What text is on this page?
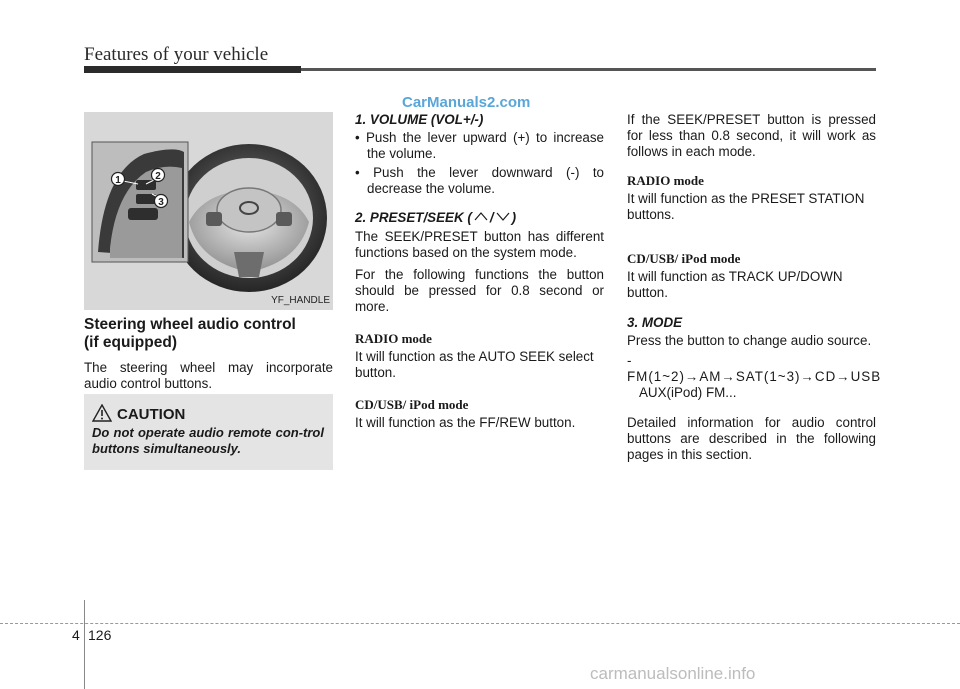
Features of your vehicle
CarManuals2.com
1	2
3
YF_HANDLE

Steering wheel audio control

(if equipped)

The steering wheel may incorporate audio control buttons.

CAUTION
Do not operate audio remote con-trol buttons simultaneously.

1. VOLUME (VOL+/-)

• Push the lever upward (+) to increase the volume.

• Push the lever downward (-) to decrease the volume.

2. PRESET/SEEK ( / )

The SEEK/PRESET button has different functions based on the system mode.

For the following functions the button should be pressed for 0.8 second or more.

RADIO mode

It will function as the AUTO SEEK select button.

CD/USB/ iPod mode

It will function as the FF/REW button.

If the SEEK/PRESET button is pressed for less than 0.8 second, it will work as follows in each mode.

RADIO mode

It will function as the PRESET STATION buttons.

CD/USB/ iPod mode

It will function as TRACK UP/DOWN button.

3. MODE

Press the button to change audio source.

- FM(1~2)→AM→SAT(1~3)→CD→USB

AUX(iPod) FM...

Detailed information for audio control buttons are described in the following pages in this section.

4 126
carmanualsonline.info
